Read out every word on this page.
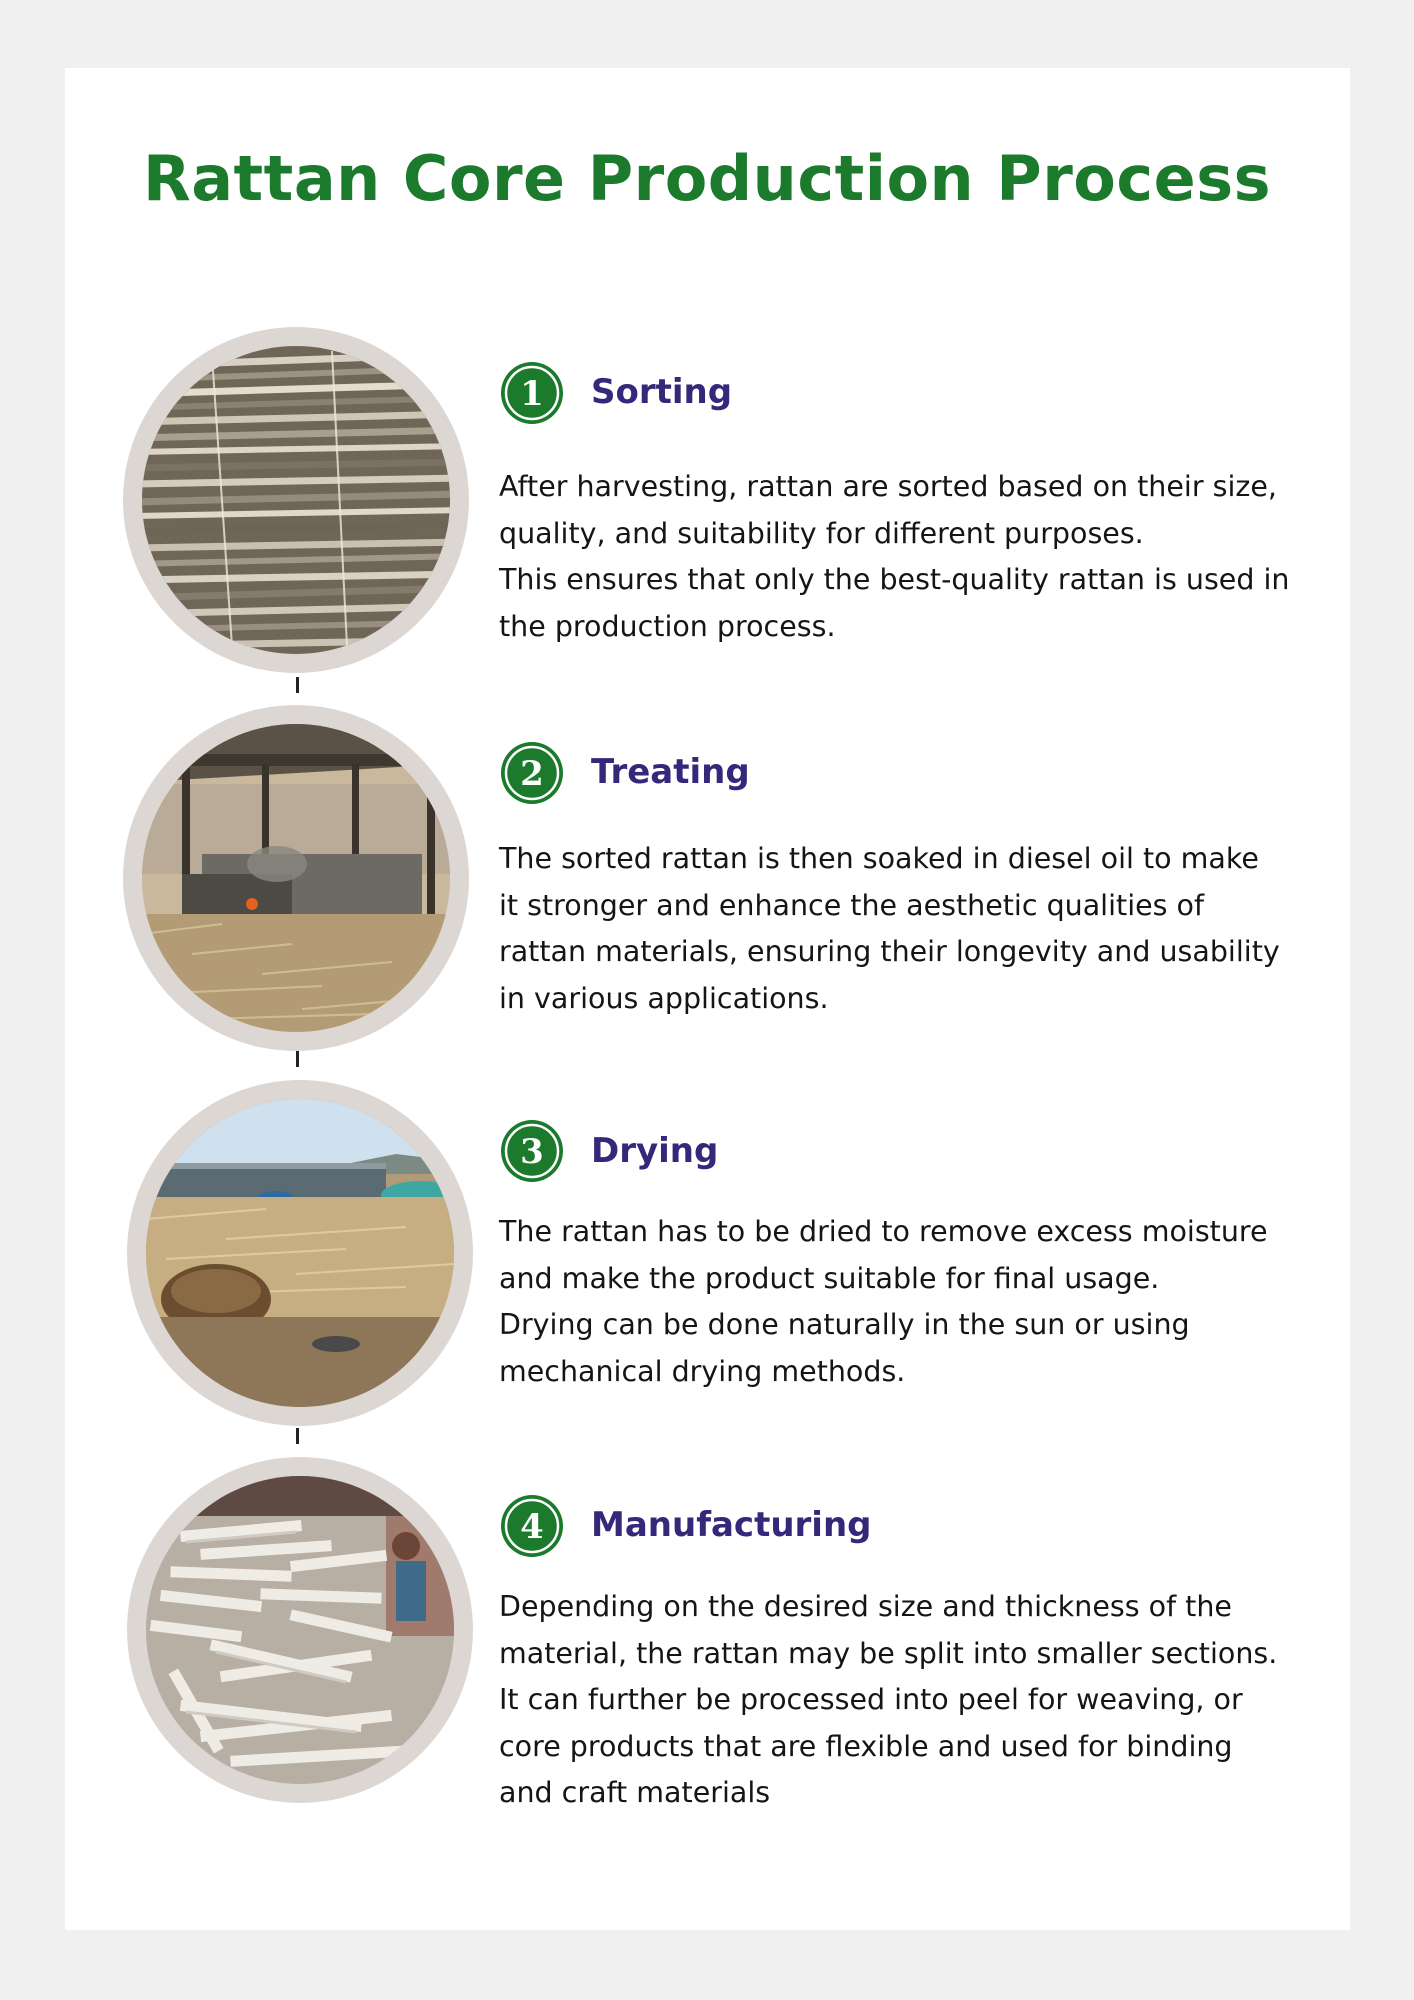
Rattan Core Production Process
1 Sorting

After harvesting, rattan are sorted based on their size,
quality, and suitability for different purposes.
This ensures that only the best-quality rattan is used in
the production process.

2 Treating

The sorted rattan is then soaked in diesel oil to make
it stronger and enhance the aesthetic qualities of
rattan materials, ensuring their longevity and usability
in various applications.

3 Drying

The rattan has to be dried to remove excess moisture
and make the product suitable for final usage.
Drying can be done naturally in the sun or using
mechanical drying methods.

4 Manufacturing

Depending on the desired size and thickness of the
material, the rattan may be split into smaller sections.
It can further be processed into peel for weaving, or
core products that are flexible and used for binding
and craft materials
